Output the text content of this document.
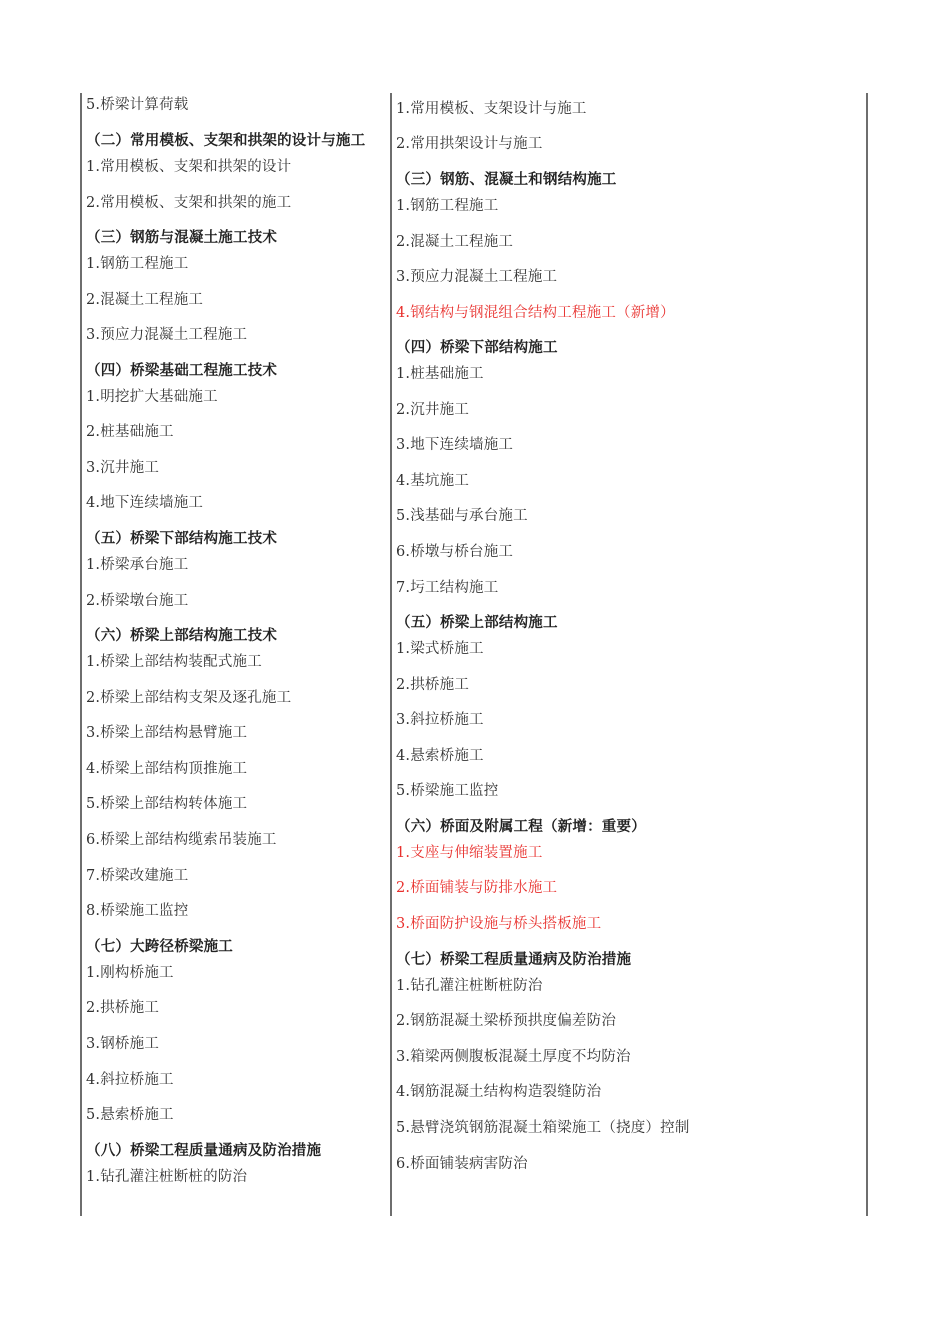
5.桥梁计算荷载
（二）常用模板、支架和拱架的设计与施工
1.常用模板、支架和拱架的设计
2.常用模板、支架和拱架的施工
（三）钢筋与混凝土施工技术
1.钢筋工程施工
2.混凝土工程施工
3.预应力混凝土工程施工
（四）桥梁基础工程施工技术
1.明挖扩大基础施工
2.桩基础施工
3.沉井施工
4.地下连续墙施工
（五）桥梁下部结构施工技术
1.桥梁承台施工
2.桥梁墩台施工
（六）桥梁上部结构施工技术
1.桥梁上部结构装配式施工
2.桥梁上部结构支架及逐孔施工
3.桥梁上部结构悬臂施工
4.桥梁上部结构顶推施工
5.桥梁上部结构转体施工
6.桥梁上部结构缆索吊装施工
7.桥梁改建施工
8.桥梁施工监控
（七）大跨径桥梁施工
1.刚构桥施工
2.拱桥施工
3.钢桥施工
4.斜拉桥施工
5.悬索桥施工
（八）桥梁工程质量通病及防治措施
1.钻孔灌注桩断桩的防治
1.常用模板、支架设计与施工
2.常用拱架设计与施工
（三）钢筋、混凝土和钢结构施工
1.钢筋工程施工
2.混凝土工程施工
3.预应力混凝土工程施工
4.钢结构与钢混组合结构工程施工（新增）
（四）桥梁下部结构施工
1.桩基础施工
2.沉井施工
3.地下连续墙施工
4.基坑施工
5.浅基础与承台施工
6.桥墩与桥台施工
7.圬工结构施工
（五）桥梁上部结构施工
1.梁式桥施工
2.拱桥施工
3.斜拉桥施工
4.悬索桥施工
5.桥梁施工监控
（六）桥面及附属工程（新增：重要）
1.支座与伸缩装置施工
2.桥面铺装与防排水施工
3.桥面防护设施与桥头搭板施工
（七）桥梁工程质量通病及防治措施
1.钻孔灌注桩断桩防治
2.钢筋混凝土梁桥预拱度偏差防治
3.箱梁两侧腹板混凝土厚度不均防治
4.钢筋混凝土结构构造裂缝防治
5.悬臂浇筑钢筋混凝土箱梁施工（挠度）控制
6.桥面铺装病害防治
